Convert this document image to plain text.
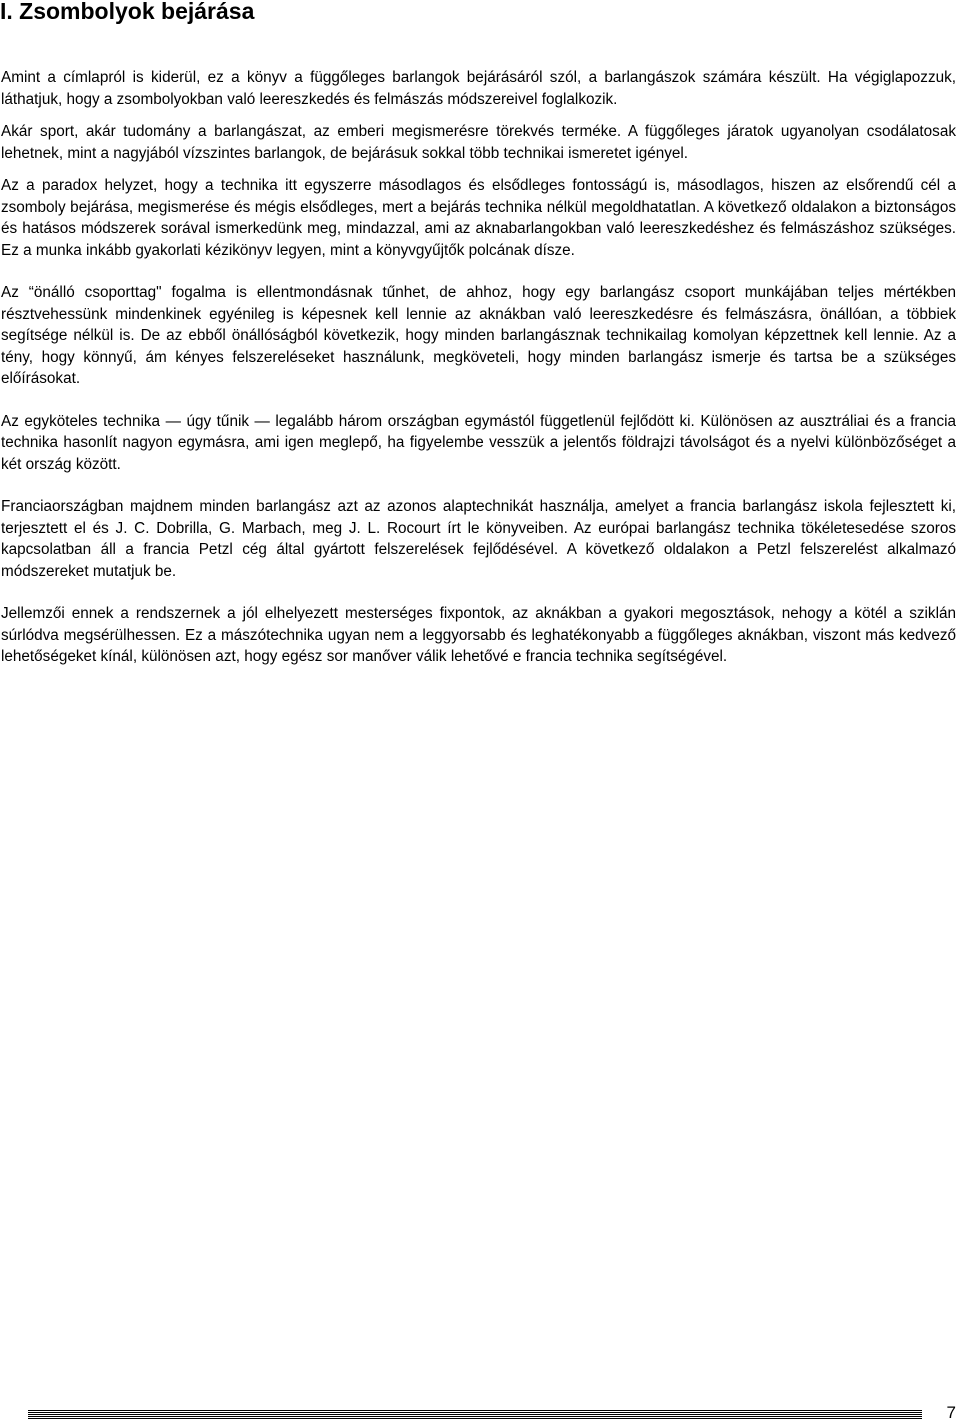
I. Zsombolyok bejárása

Amint a címlapról is kiderül, ez a könyv a függőleges barlangok bejárásáról szól, a barlangászok számára készült. Ha végiglapozzuk, láthatjuk, hogy a zsombolyokban való leereszkedés és felmászás módszereivel foglalkozik.

Akár sport, akár tudomány a barlangászat, az emberi megismerésre törekvés terméke. A függőleges járatok ugyanolyan csodálatosak lehetnek, mint a nagyjából vízszintes barlangok, de bejárásuk sokkal több technikai ismeretet igényel.

Az a paradox helyzet, hogy a technika itt egyszerre másodlagos és elsődleges fontosságú is, másodlagos, hiszen az elsőrendű cél a zsomboly bejárása, megismerése és mégis elsődleges, mert a bejárás technika nélkül megoldhatatlan. A következő oldalakon a biztonságos és hatásos módszerek sorával ismerkedünk meg, mindazzal, ami az aknabarlangokban való leereszkedéshez és felmászáshoz szükséges. Ez a munka inkább gyakorlati kézikönyv legyen, mint a könyvgyűjtők polcának dísze.

Az “önálló csoporttag" fogalma is ellentmondásnak tűnhet, de ahhoz, hogy egy barlangász csoport munkájában teljes mértékben résztvehessünk mindenkinek egyénileg is képesnek kell lennie az aknákban való leereszkedésre és felmászásra, önállóan, a többiek segítsége nélkül is. De az ebből önállóságból következik, hogy minden barlangásznak technikailag komolyan képzettnek kell lennie. Az a tény, hogy könnyű, ám kényes felszereléseket használunk, megköveteli, hogy minden barlangász ismerje és tartsa be a szükséges előírásokat.

Az egyköteles technika — úgy tűnik — legalább három országban egymástól függetlenül fejlődött ki. Különösen az ausztráliai és a francia technika hasonlít nagyon egymásra, ami igen meglepő, ha figyelembe vesszük a jelentős földrajzi távolságot és a nyelvi különbözőséget a két ország között.

Franciaországban majdnem minden barlangász azt az azonos alaptechnikát használja, amelyet a francia barlangász iskola fejlesztett ki, terjesztett el és J. C. Dobrilla, G. Marbach, meg J. L. Rocourt írt le könyveiben. Az európai barlangász technika tökéletesedése szoros kapcsolatban áll a francia Petzl cég által gyártott felszerelések fejlődésével. A következő oldalakon a Petzl felszerelést alkalmazó módszereket mutatjuk be.

Jellemzői ennek a rendszernek a jól elhelyezett mesterséges fixpontok, az aknákban a gyakori megosztások, nehogy a kötél a sziklán súrlódva megsérülhessen. Ez a mászótechnika ugyan nem a leggyorsabb és leghatékonyabb a függőleges aknákban, viszont más kedvező lehetőségeket kínál, különösen azt, hogy egész sor manőver válik lehetővé e francia technika segítségével.

7
